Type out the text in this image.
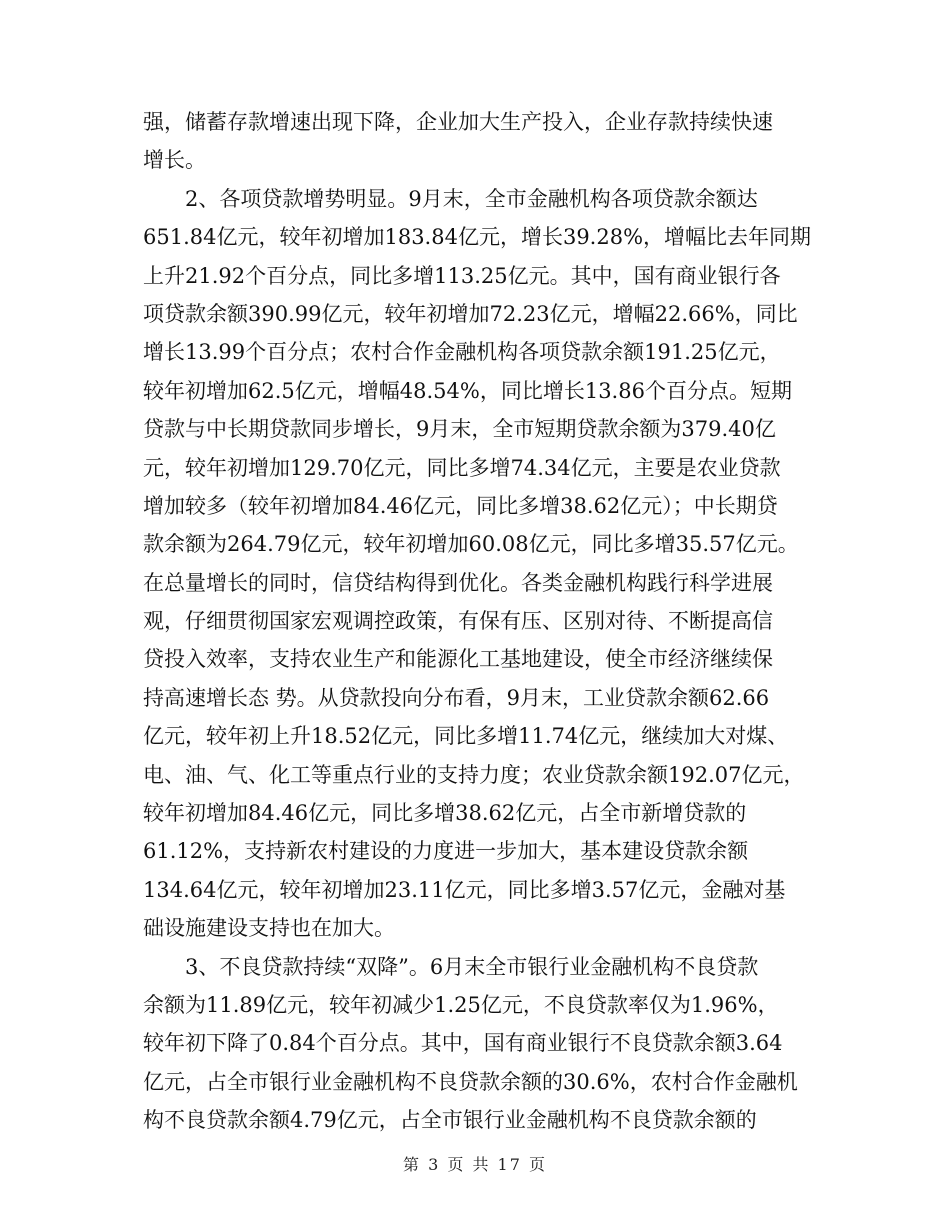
强，储蓄存款增速出现下降，企业加大生产投入，企业存款持续快速
增长。
　　2、各项贷款增势明显。9月末，全市金融机构各项贷款余额达
651.84亿元，较年初增加183.84亿元，增长39.28%，增幅比去年同期
上升21.92个百分点，同比多增113.25亿元。其中，国有商业银行各
项贷款余额390.99亿元，较年初增加72.23亿元，增幅22.66%，同比
增长13.99个百分点；农村合作金融机构各项贷款余额191.25亿元，
较年初增加62.5亿元，增幅48.54%，同比增长13.86个百分点。短期
贷款与中长期贷款同步增长，9月末，全市短期贷款余额为379.40亿
元，较年初增加129.70亿元，同比多增74.34亿元，主要是农业贷款
增加较多（较年初增加84.46亿元，同比多增38.62亿元）；中长期贷
款余额为264.79亿元，较年初增加60.08亿元，同比多增35.57亿元。
在总量增长的同时，信贷结构得到优化。各类金融机构践行科学进展
观，仔细贯彻国家宏观调控政策，有保有压、区别对待、不断提高信
贷投入效率，支持农业生产和能源化工基地建设，使全市经济继续保
持高速增长态 势。从贷款投向分布看，9月末，工业贷款余额62.66
亿元，较年初上升18.52亿元，同比多增11.74亿元，继续加大对煤、
电、油、气、化工等重点行业的支持力度；农业贷款余额192.07亿元，
较年初增加84.46亿元，同比多增38.62亿元，占全市新增贷款的
61.12%，支持新农村建设的力度进一步加大，基本建设贷款余额
134.64亿元，较年初增加23.11亿元，同比多增3.57亿元，金融对基
础设施建设支持也在加大。
　　3、不良贷款持续“双降”。6月末全市银行业金融机构不良贷款
余额为11.89亿元，较年初减少1.25亿元，不良贷款率仅为1.96%，
较年初下降了0.84个百分点。其中，国有商业银行不良贷款余额3.64
亿元，占全市银行业金融机构不良贷款余额的30.6%，农村合作金融机
构不良贷款余额4.79亿元，占全市银行业金融机构不良贷款余额的
第 3 页 共 17 页
